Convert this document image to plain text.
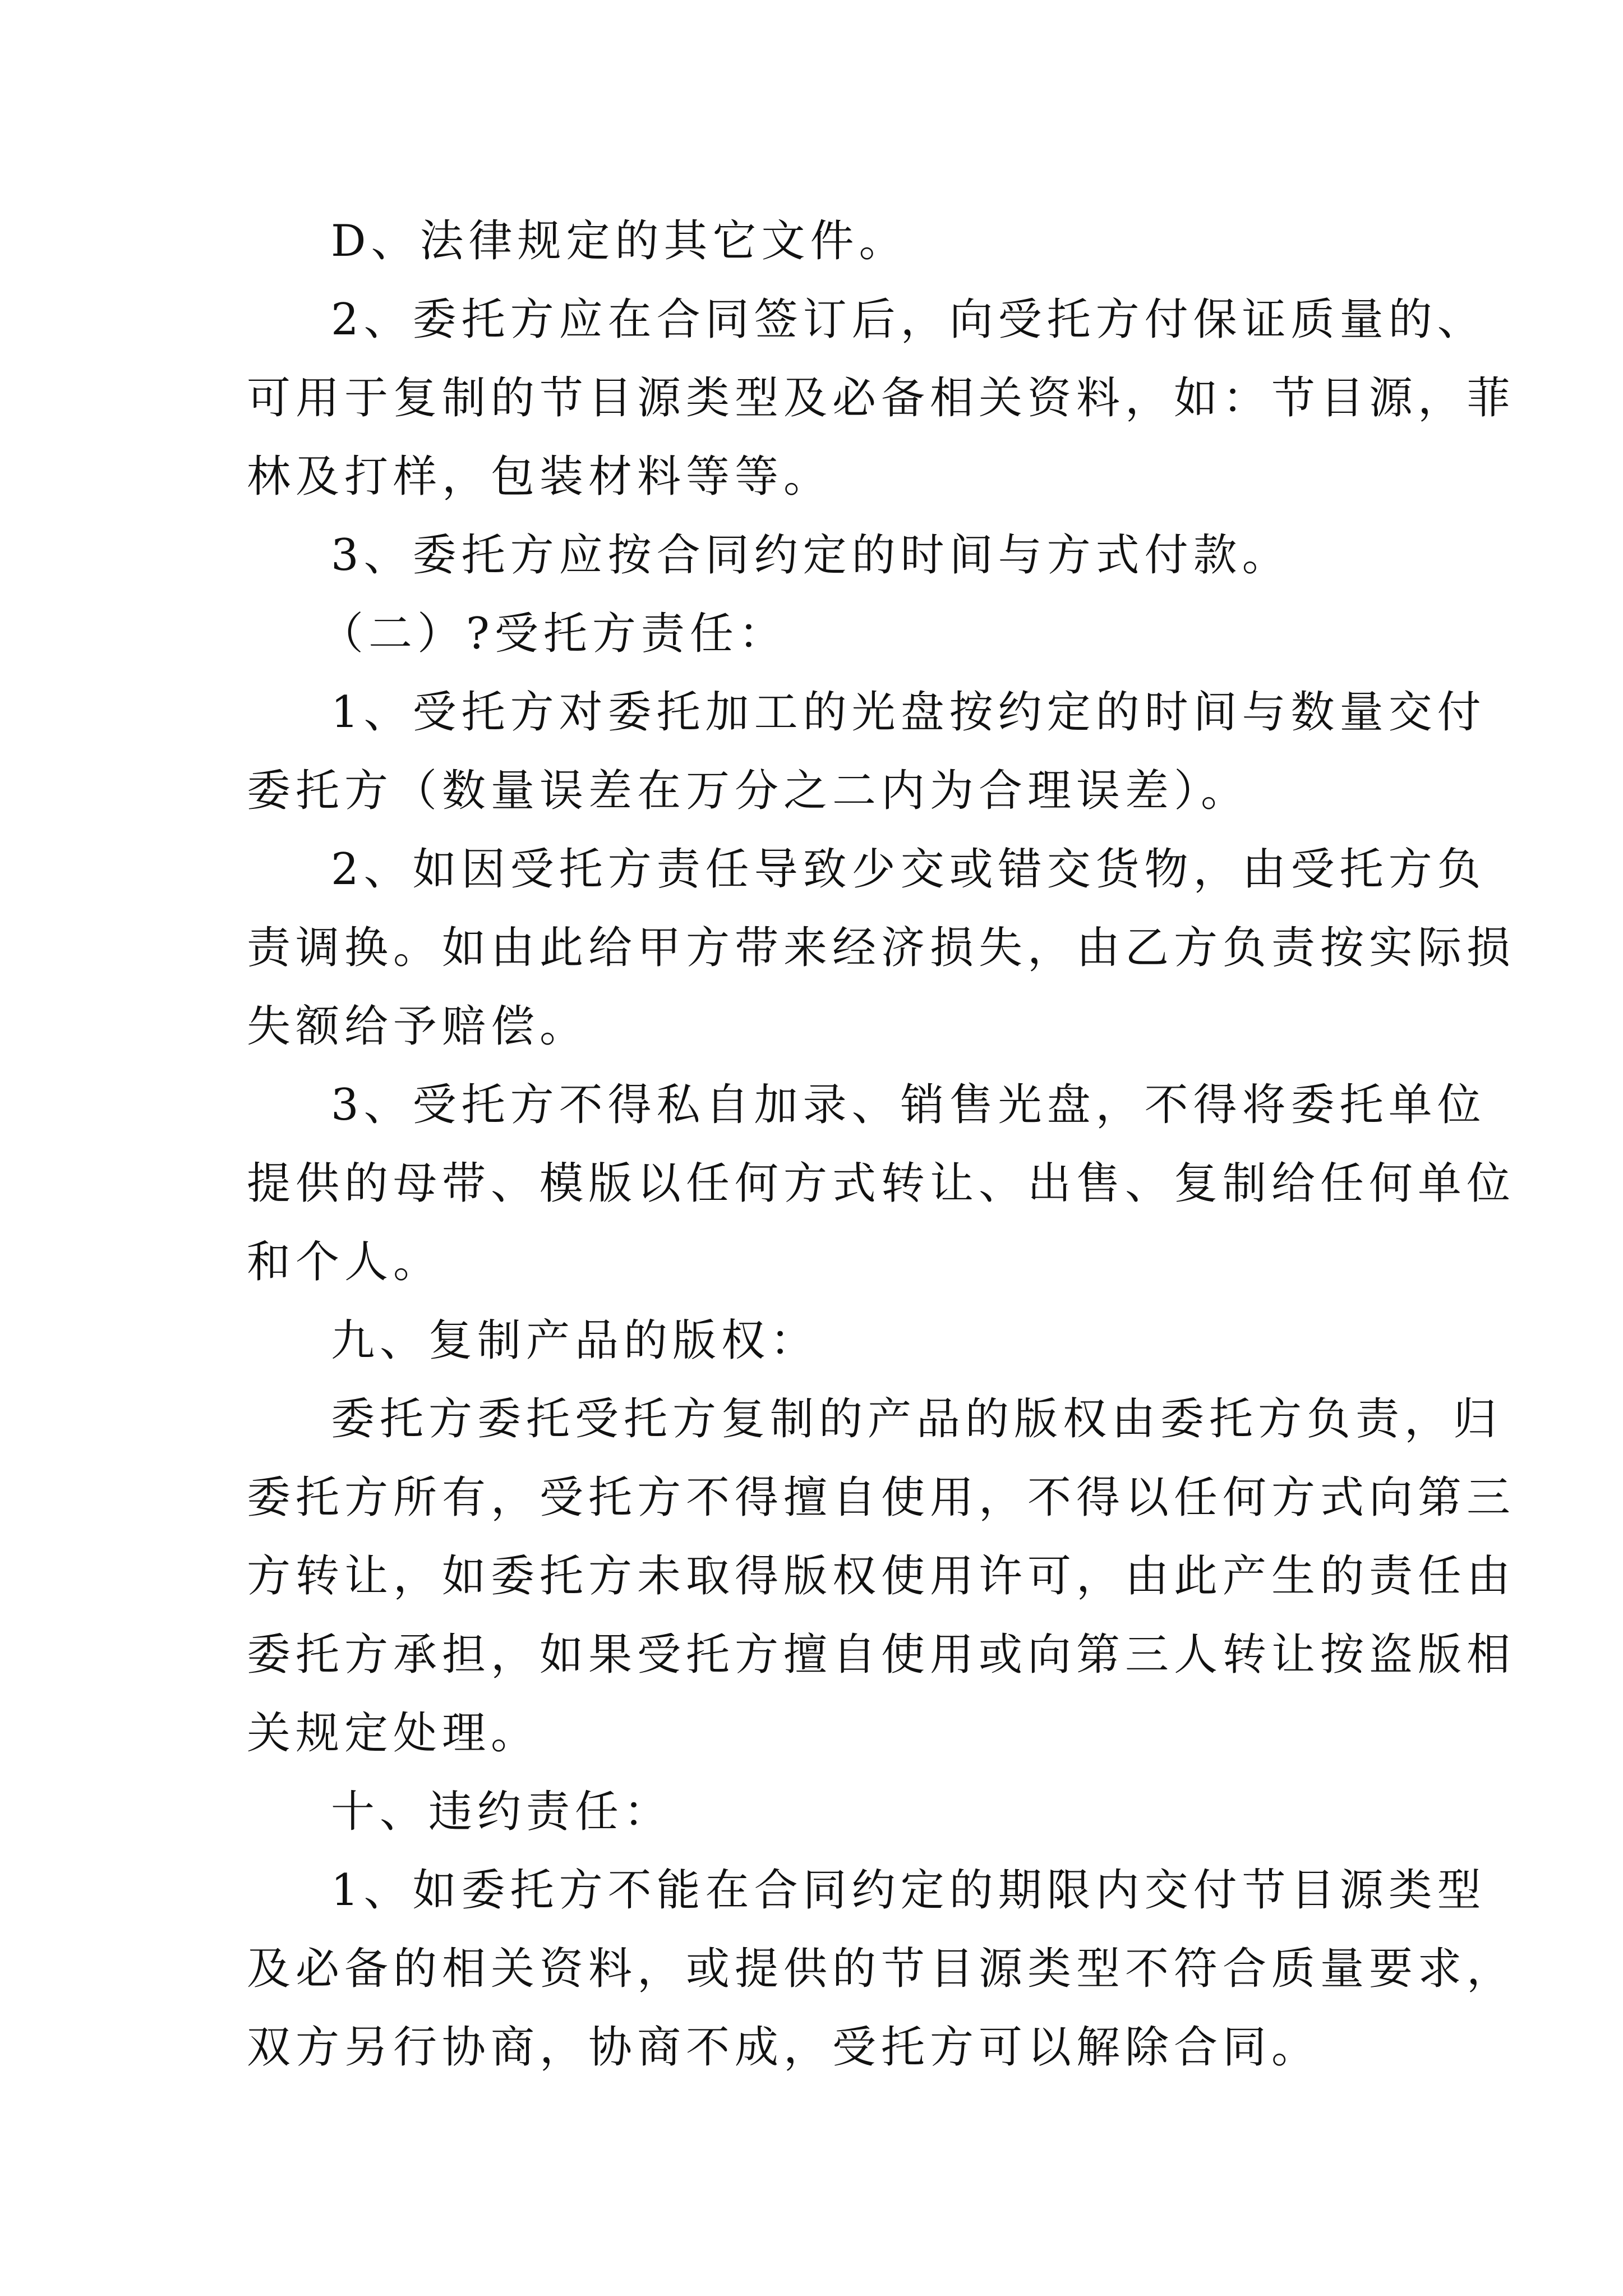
D、法律规定的其它文件。
2、委托方应在合同签订后，向受托方付保证质量的、
可用于复制的节目源类型及必备相关资料，如：节目源，菲
林及打样，包装材料等等。
3、委托方应按合同约定的时间与方式付款。
（二）?受托方责任：
1、受托方对委托加工的光盘按约定的时间与数量交付
委托方（数量误差在万分之二内为合理误差）。
2、如因受托方责任导致少交或错交货物，由受托方负
责调换。如由此给甲方带来经济损失，由乙方负责按实际损
失额给予赔偿。
3、受托方不得私自加录、销售光盘，不得将委托单位
提供的母带、模版以任何方式转让、出售、复制给任何单位
和个人。
九、复制产品的版权：
委托方委托受托方复制的产品的版权由委托方负责，归
委托方所有，受托方不得擅自使用，不得以任何方式向第三
方转让，如委托方未取得版权使用许可，由此产生的责任由
委托方承担，如果受托方擅自使用或向第三人转让按盗版相
关规定处理。
十、违约责任：
1、如委托方不能在合同约定的期限内交付节目源类型
及必备的相关资料，或提供的节目源类型不符合质量要求，
双方另行协商，协商不成，受托方可以解除合同。
